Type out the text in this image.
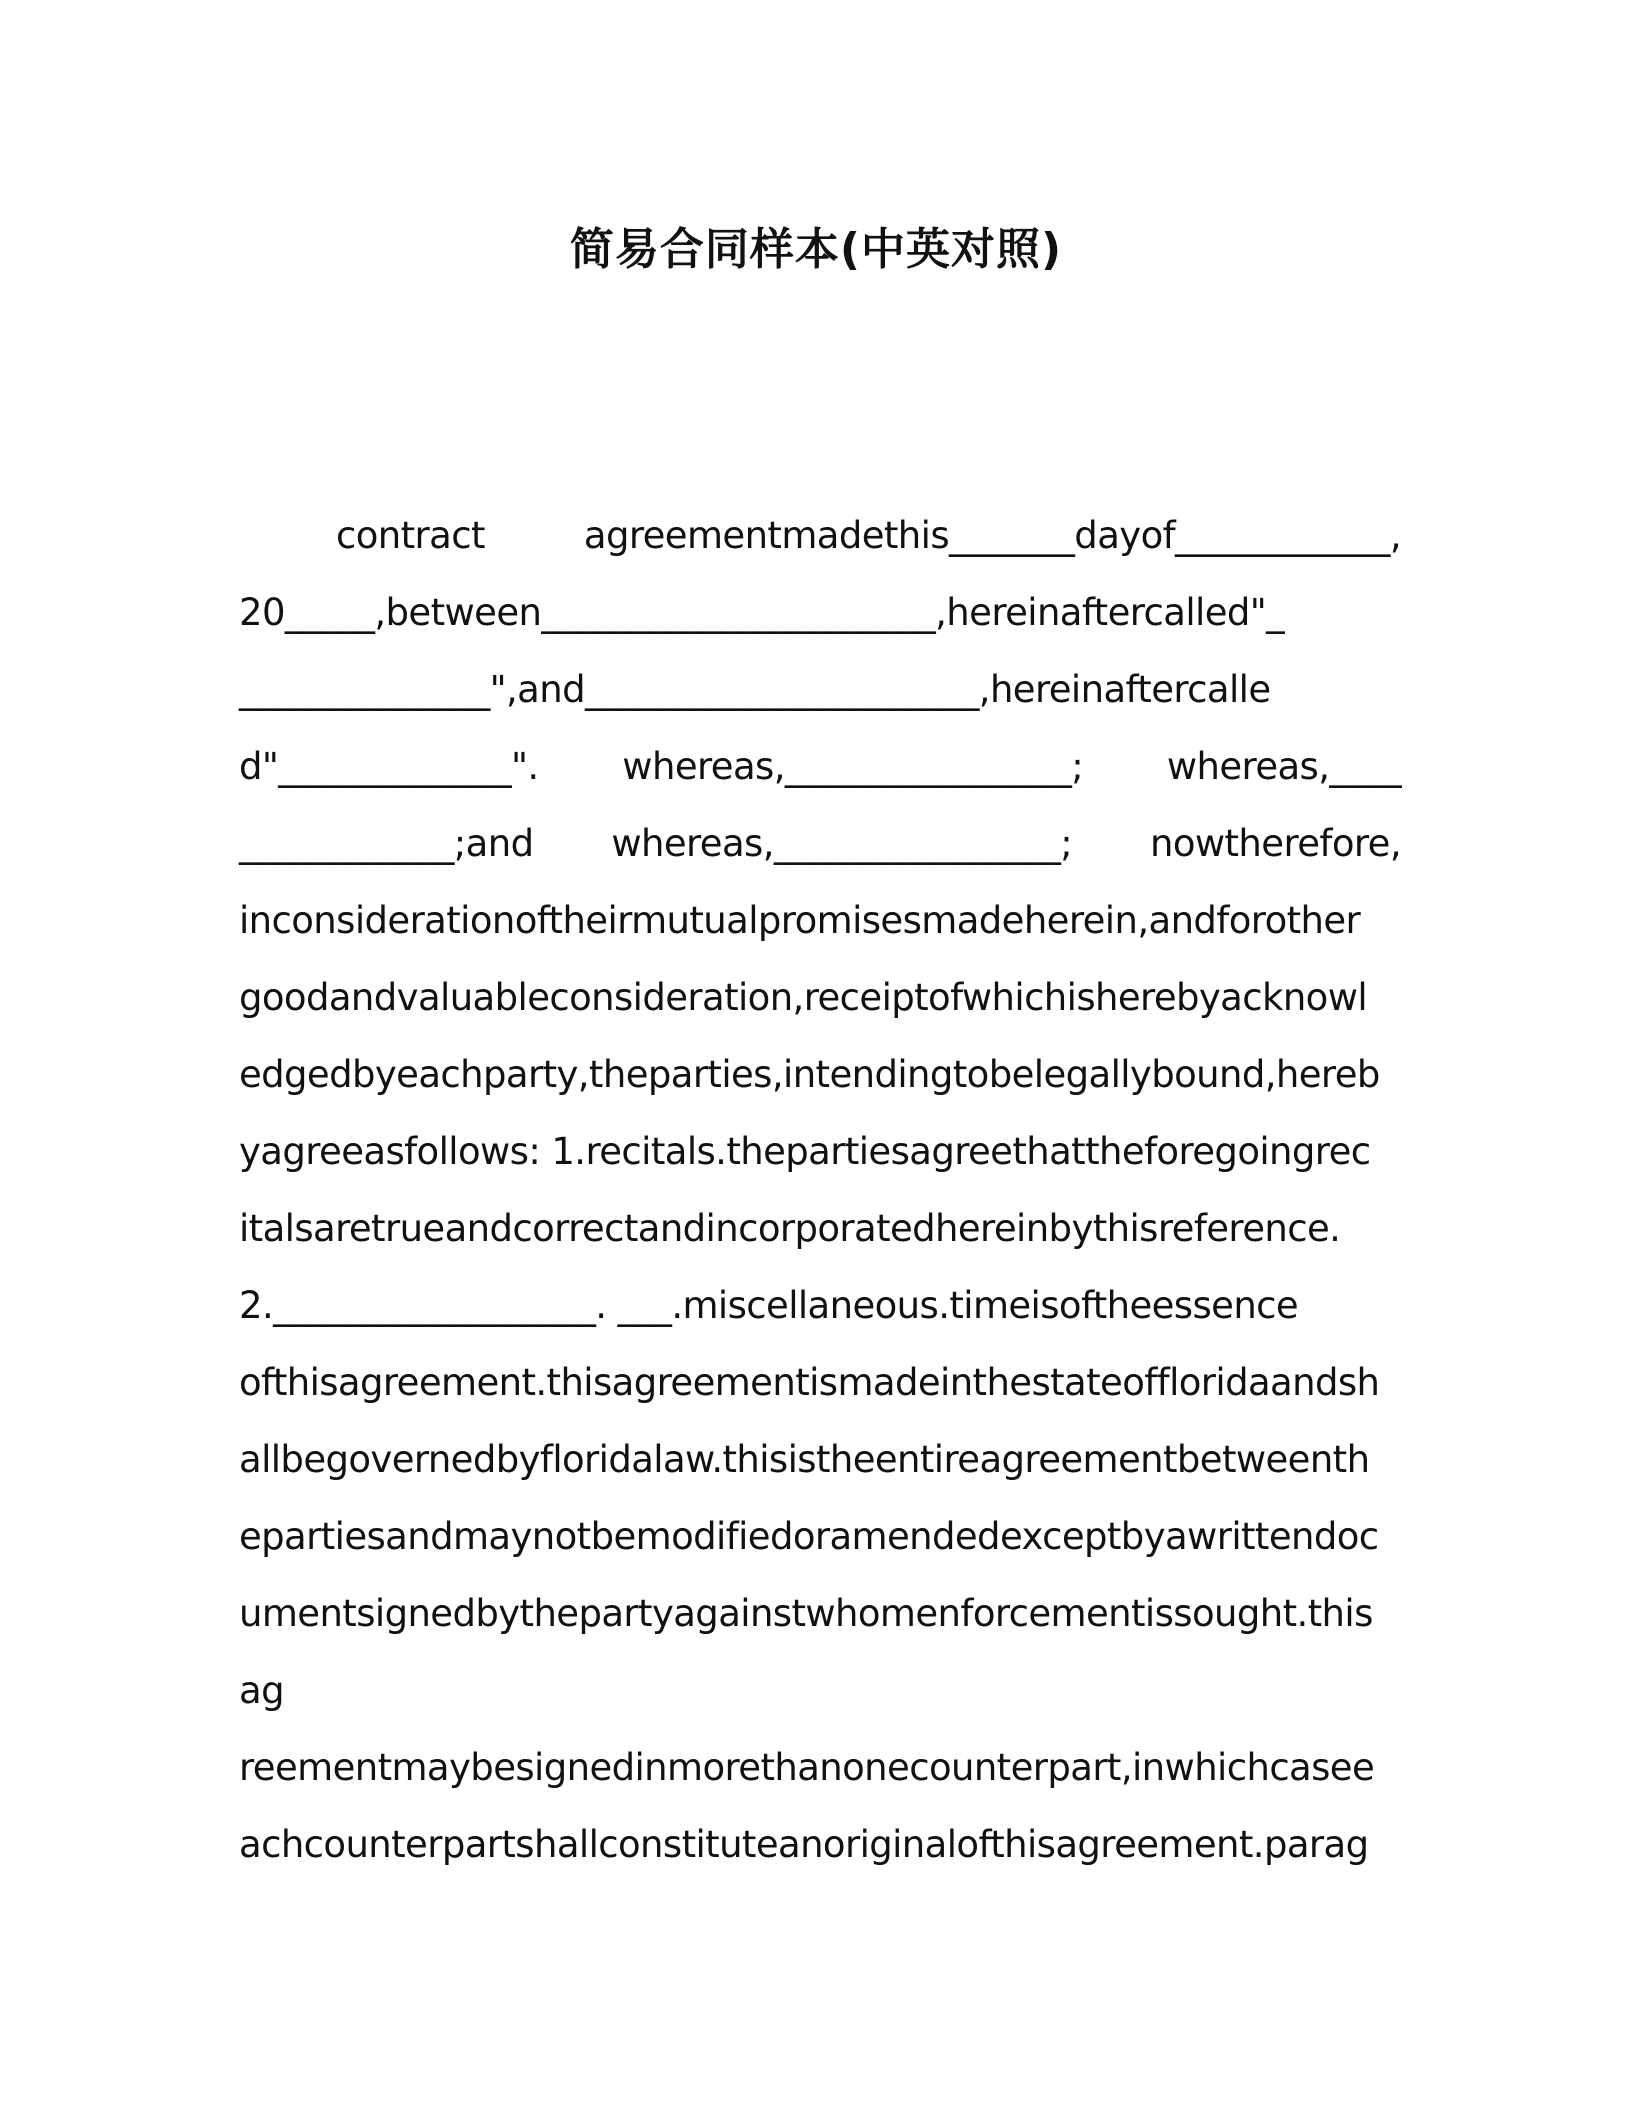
简易合同样本(中英对照)
contract agreementmadethis_______dayof____________,
20_____,between______________________,hereinaftercalled"_
______________",and______________________,hereinaftercalle
d"_____________". whereas,________________; whereas,____
____________;and whereas,________________; nowtherefore,
inconsiderationoftheirmutualpromisesmadeherein,andforother
goodandvaluableconsideration,receiptofwhichisherebyacknowl
edgedbyeachparty,theparties,intendingtobelegallybound,hereb
yagreeasfollows: 1.recitals.thepartiesagreethattheforegoingrec
italsaretrueandcorrectandincorporatedhereinbythisreference.
2.__________________. ___.miscellaneous.timeisoftheessence
ofthisagreement.thisagreementismadeinthestateoffloridaandsh
allbegovernedbyfloridalaw.thisistheentireagreementbetweenth
epartiesandmaynotbemodifiedoramendedexceptbyawrittendoc
umentsignedbythepartyagainstwhomenforcementissought.this
ag
reementmaybesignedinmorethanonecounterpart,inwhichcasee
achcounterpartshallconstituteanoriginalofthisagreement.parag
